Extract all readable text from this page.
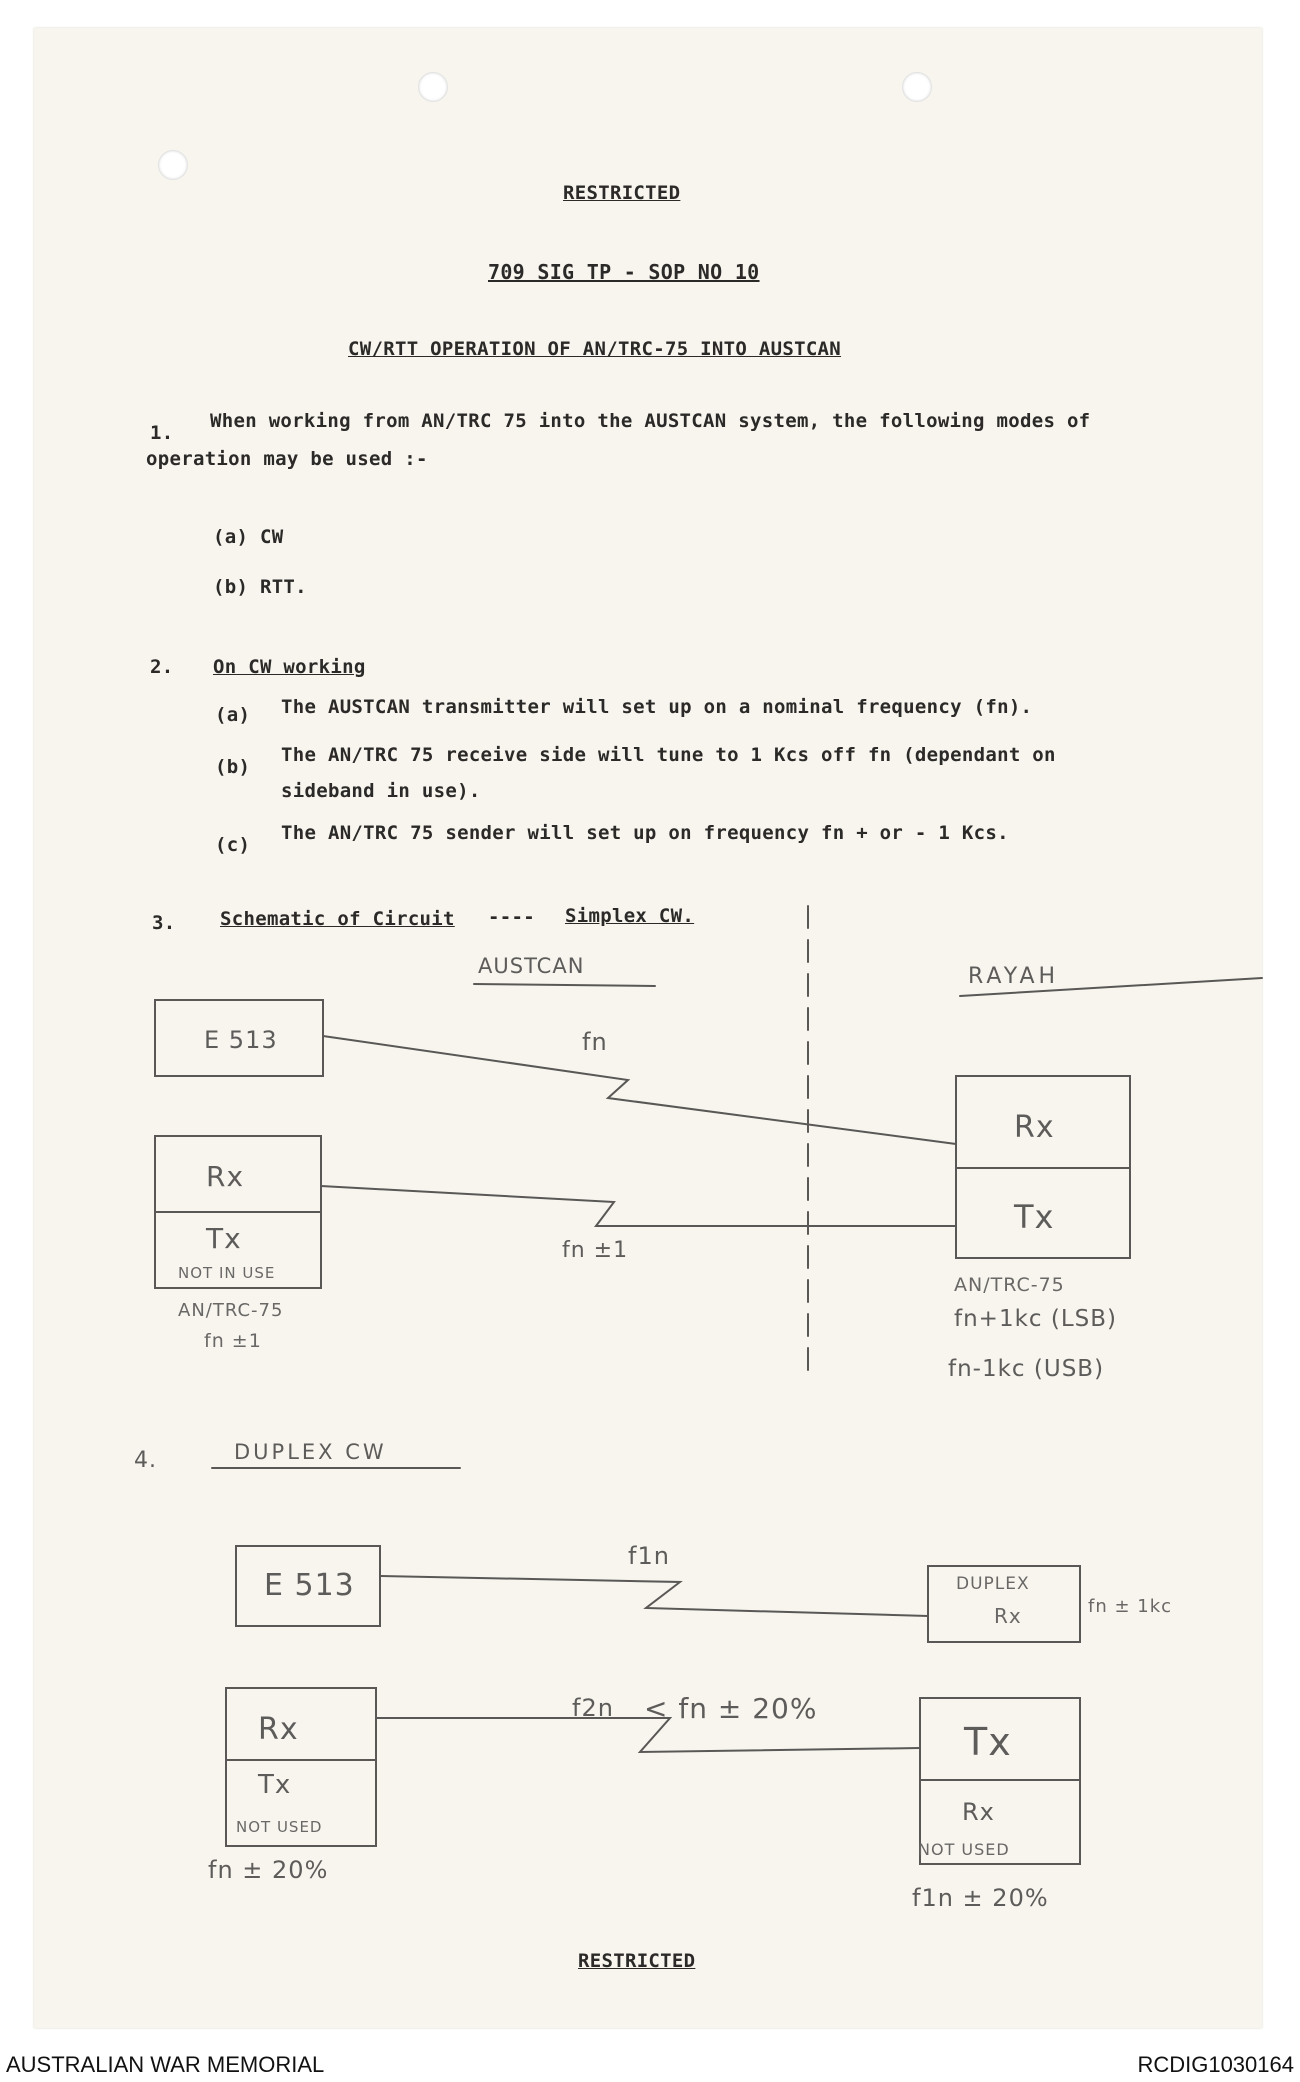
RESTRICTED
709 SIG TP - SOP NO 10
CW/RTT OPERATION OF AN/TRC-75 INTO AUSTCAN
1.
When working from AN/TRC 75 into the AUSTCAN system, the following modes of
operation may be used :-
(a) CW
(b) RTT.
2. On CW working
(a) The AUSTCAN transmitter will set up on a nominal frequency (fn).
(b)
The AN/TRC 75 receive side will tune to 1 Kcs off fn (dependant on
sideband in use).
(c)
The AN/TRC 75 sender will set up on frequency fn + or - 1 Kcs.
3. Schematic of Circuit ---- Simplex CW.
AUSTCAN	RAYAH
E 513	fn
Rx
Tx
NOT IN USE
AN/TRC-75
fn ±1
fn ±1
Rx
Tx
AN/TRC-75
fn+1kc (LSB)
fn-1kc (USB)
4.	DUPLEX CW
E 513
f1n
DUPLEX
Rx	fn ± 1kc
f2n < fn ± 20%
Rx
Tx
NOT USED
fn ± 20%
Tx
Rx
NOT USED
f1n ± 20%
RESTRICTED
AUSTRALIAN WAR MEMORIAL	RCDIG1030164
